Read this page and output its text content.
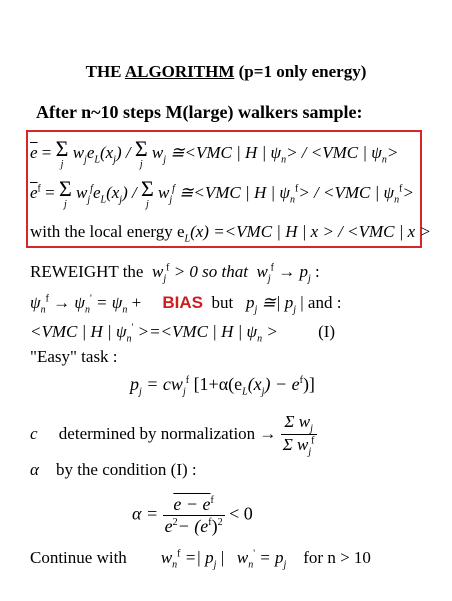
THE ALGORITHM (p=1 only energy)
After n~10 steps M(large) walkers sample:
$\overline{e} = \Sigma$
j
$w_je_L(x_j)$ / Σ
j
$w_j$ ≅<VMC | H | $\psi_n> / <VMC$ | $\psi_n>$
$\overline{e}^f = \Sigma$
j
$w_j^fe_L(x_j)$ / Σ
j
$w_j^f$ ≅<VMC | H | $\psi_n^f> / <VMC$ | $\psi_n^f>$
with the local energy $e_L(x) =<VMC$ | H | x > / <VMC | x >
REWEIGHT the $w_j^f > 0$ so that $w_j^f \to p_j$ :
$\psi_n^f \to \psi_n' = \psi_n$ + BIAS but $p_j$ ≅| $p_j$ | and :
<VMC | H | $\psi_n' >=<VMC$ | H | $\psi_n > (I)$
"Easy" task :
$p_j = cw_j^f$ $[1+\alpha(e_L(x_j) - e^f)]$
c determined by normalization → $\frac{\Sigma w_j}{\Sigma w_j^f}$
α by the condition (I) :
$\alpha = \frac{e - e^f}{e^2- (e^f)^2} < 0$
Continue with $w_n^f$ =| $p_j$ | $w_n' = p_j$ for n > 10
